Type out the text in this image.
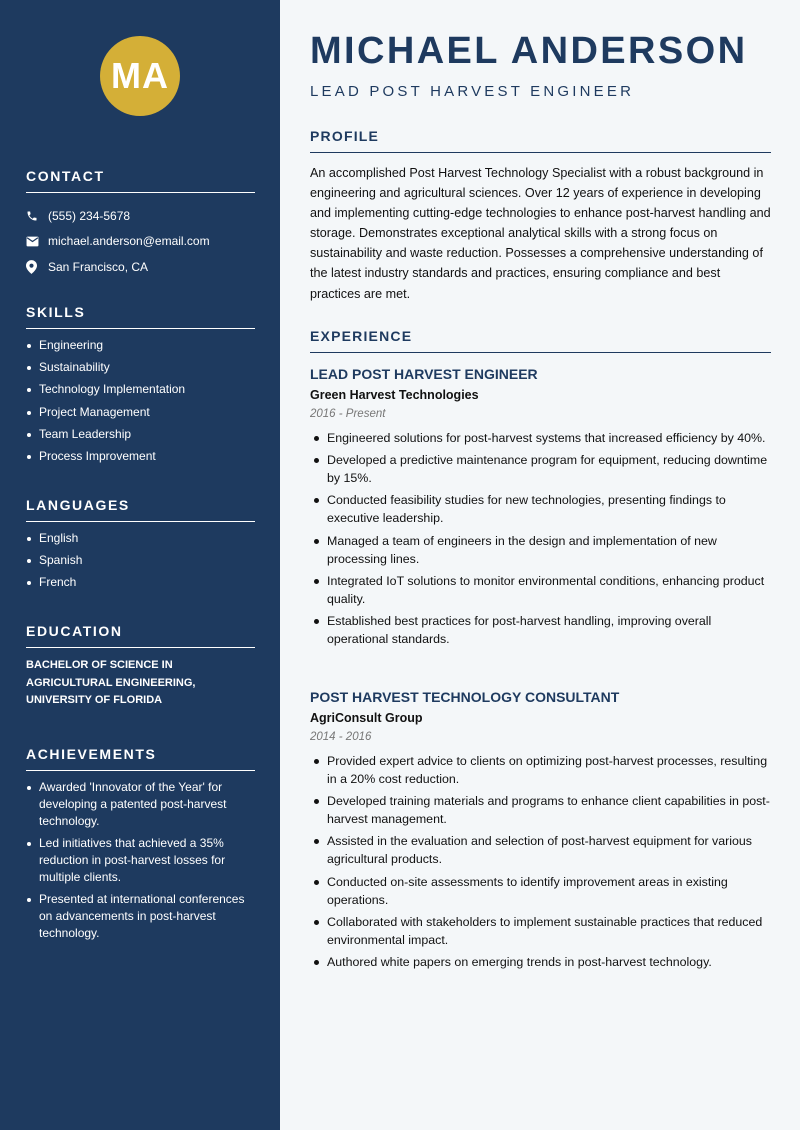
MA
CONTACT
(555) 234-5678
michael.anderson@email.com
San Francisco, CA
SKILLS
Engineering
Sustainability
Technology Implementation
Project Management
Team Leadership
Process Improvement
LANGUAGES
English
Spanish
French
EDUCATION
BACHELOR OF SCIENCE IN
AGRICULTURAL ENGINEERING,
UNIVERSITY OF FLORIDA
ACHIEVEMENTS
Awarded 'Innovator of the Year' for developing a patented post-harvest technology.
Led initiatives that achieved a 35% reduction in post-harvest losses for multiple clients.
Presented at international conferences on advancements in post-harvest technology.
MICHAEL ANDERSON
LEAD POST HARVEST ENGINEER
PROFILE

An accomplished Post Harvest Technology Specialist with a robust background in engineering and agricultural sciences. Over 12 years of experience in developing and implementing cutting-edge technologies to enhance post-harvest handling and storage. Demonstrates exceptional analytical skills with a strong focus on sustainability and waste reduction. Possesses a comprehensive understanding of the latest industry standards and practices, ensuring compliance and best practices are met.

EXPERIENCE
LEAD POST HARVEST ENGINEER
Green Harvest Technologies
2016 - Present
Engineered solutions for post-harvest systems that increased efficiency by 40%.
Developed a predictive maintenance program for equipment, reducing downtime by 15%.
Conducted feasibility studies for new technologies, presenting findings to executive leadership.
Managed a team of engineers in the design and implementation of new processing lines.
Integrated IoT solutions to monitor environmental conditions, enhancing product quality.
Established best practices for post-harvest handling, improving overall operational standards.
POST HARVEST TECHNOLOGY CONSULTANT
AgriConsult Group
2014 - 2016
Provided expert advice to clients on optimizing post-harvest processes, resulting in a 20% cost reduction.
Developed training materials and programs to enhance client capabilities in post-harvest management.
Assisted in the evaluation and selection of post-harvest equipment for various agricultural products.
Conducted on-site assessments to identify improvement areas in existing operations.
Collaborated with stakeholders to implement sustainable practices that reduced environmental impact.
Authored white papers on emerging trends in post-harvest technology.
